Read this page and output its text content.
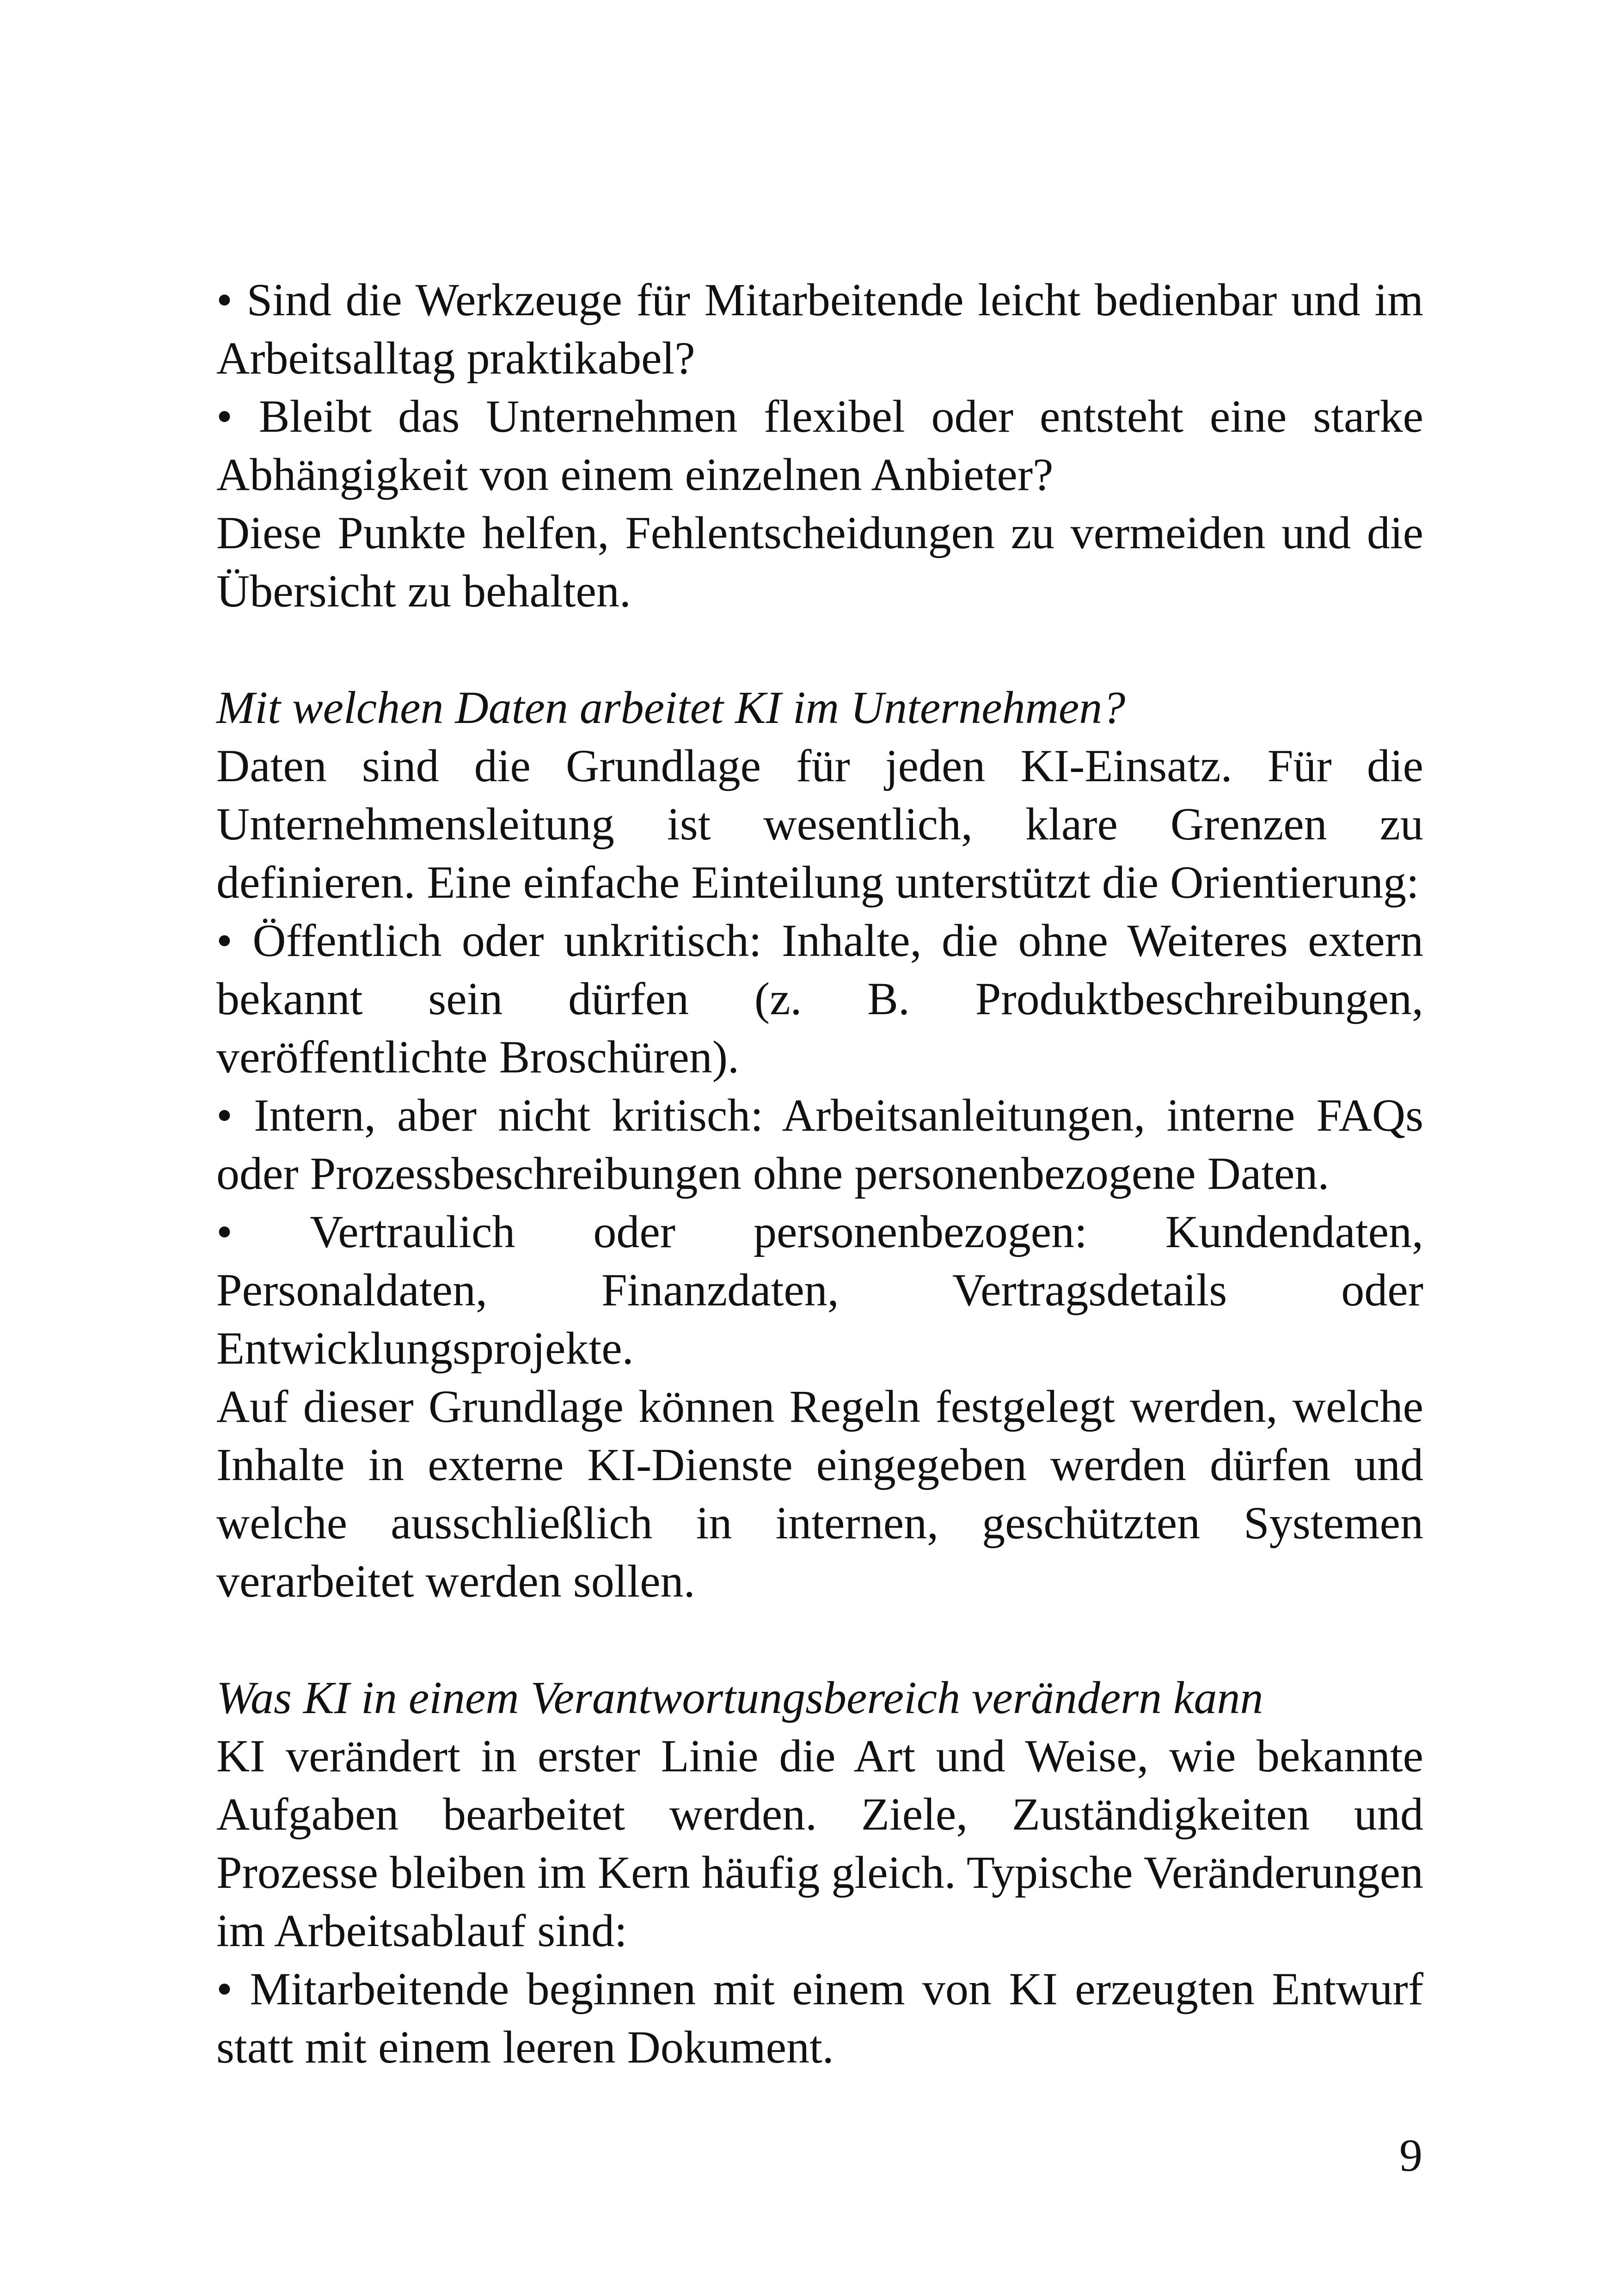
• Sind die Werkzeuge für Mitarbeitende leicht bedienbar und im Arbeitsalltag praktikabel?

• Bleibt das Unternehmen flexibel oder entsteht eine starke Abhängigkeit von einem einzelnen Anbieter?

Diese Punkte helfen, Fehlentscheidungen zu vermeiden und die Übersicht zu behalten.

Mit welchen Daten arbeitet KI im Unternehmen?

Daten sind die Grundlage für jeden KI-Einsatz. Für die Unternehmensleitung ist wesentlich, klare Grenzen zu definieren. Eine einfache Einteilung unterstützt die Orientierung:

• Öffentlich oder unkritisch: Inhalte, die ohne Weiteres extern bekannt sein dürfen (z. B. Produktbeschreibungen, veröffentlichte Broschüren).

• Intern, aber nicht kritisch: Arbeitsanleitungen, interne FAQs oder Prozessbeschreibungen ohne personenbezogene Daten.

• Vertraulich oder personenbezogen: Kundendaten, Personaldaten, Finanzdaten, Vertragsdetails oder Entwicklungsprojekte.

Auf dieser Grundlage können Regeln festgelegt werden, welche Inhalte in externe KI-Dienste eingegeben werden dürfen und welche ausschließlich in internen, geschützten Systemen verarbeitet werden sollen.

Was KI in einem Verantwortungsbereich verändern kann

KI verändert in erster Linie die Art und Weise, wie bekannte Aufgaben bearbeitet werden. Ziele, Zuständigkeiten und Prozesse bleiben im Kern häufig gleich. Typische Veränderungen im Arbeitsablauf sind:

• Mitarbeitende beginnen mit einem von KI erzeugten Entwurf statt mit einem leeren Dokument.

9
